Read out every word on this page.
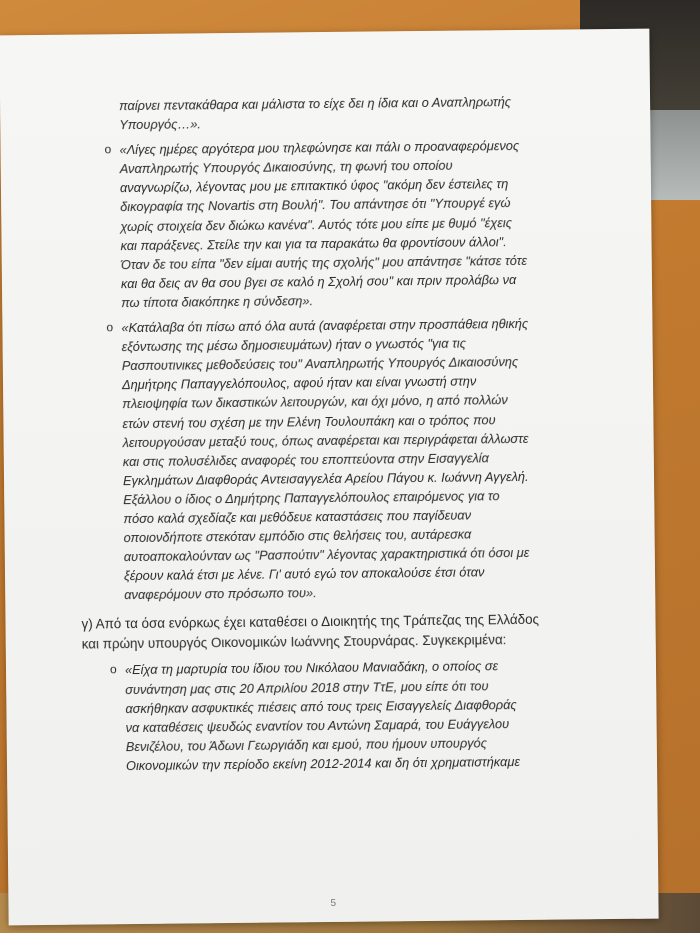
παίρνει πεντακάθαρα και μάλιστα το είχε δει η ίδια και ο Αναπληρωτής

Υπουργός…».

o «Λίγες ημέρες αργότερα μου τηλεφώνησε και πάλι ο προαναφερόμενος

Αναπληρωτής Υπουργός Δικαιοσύνης, τη φωνή του οποίου

αναγνωρίζω, λέγοντας μου με επιτακτικό ύφος "ακόμη δεν έστειλες τη

δικογραφία της Novartis στη Βουλή". Του απάντησε ότι "Υπουργέ εγώ

χωρίς στοιχεία δεν διώκω κανένα". Αυτός τότε μου είπε με θυμό "έχεις

και παράξενες. Στείλε την και για τα παρακάτω θα φροντίσουν άλλοι".

Όταν δε του είπα "δεν είμαι αυτής της σχολής" μου απάντησε "κάτσε τότε

και θα δεις αν θα σου βγει σε καλό η Σχολή σου" και πριν προλάβω να

πω τίποτα διακόπηκε η σύνδεση».

o «Κατάλαβα ότι πίσω από όλα αυτά (αναφέρεται στην προσπάθεια ηθικής

εξόντωσης της μέσω δημοσιευμάτων) ήταν ο γνωστός "για τις

Ρασπουτινικες μεθοδεύσεις του" Αναπληρωτής Υπουργός Δικαιοσύνης

Δημήτρης Παπαγγελόπουλος, αφού ήταν και είναι γνωστή στην

πλειοψηφία των δικαστικών λειτουργών, και όχι μόνο, η από πολλών

ετών στενή του σχέση με την Ελένη Τουλουπάκη και ο τρόπος που

λειτουργούσαν μεταξύ τους, όπως αναφέρεται και περιγράφεται άλλωστε

και στις πολυσέλιδες αναφορές του εποπτεύοντα στην Εισαγγελία

Εγκλημάτων Διαφθοράς Αντεισαγγελέα Αρείου Πάγου κ. Ιωάννη Αγγελή.

Εξάλλου ο ίδιος ο Δημήτρης Παπαγγελόπουλος επαιρόμενος για το

πόσο καλά σχεδίαζε και μεθόδευε καταστάσεις που παγίδευαν

οποιονδήποτε στεκόταν εμπόδιο στις θελήσεις του, αυτάρεσκα

αυτοαποκαλούνταν ως "Ρασπούτιν" λέγοντας χαρακτηριστικά ότι όσοι με

ξέρουν καλά έτσι με λένε. Γι' αυτό εγώ τον αποκαλούσε έτσι όταν

αναφερόμουν στο πρόσωπο του».

γ) Από τα όσα ενόρκως έχει καταθέσει ο Διοικητής της Τράπεζας της Ελλάδος

και πρώην υπουργός Οικονομικών Ιωάννης Στουρνάρας. Συγκεκριμένα:

o «Είχα τη μαρτυρία του ίδιου του Νικόλαου Μανιαδάκη, ο οποίος σε

συνάντηση μας στις 20 Απριλίου 2018 στην ΤτΕ, μου είπε ότι του

ασκήθηκαν ασφυκτικές πιέσεις από τους τρεις Εισαγγελείς Διαφθοράς

να καταθέσεις ψευδώς εναντίον του Αντώνη Σαμαρά, του Ευάγγελου

Βενιζέλου, του Άδωνι Γεωργιάδη και εμού, που ήμουν υπουργός

Οικονομικών την περίοδο εκείνη 2012-2014 και δη ότι χρηματιστήκαμε

5
